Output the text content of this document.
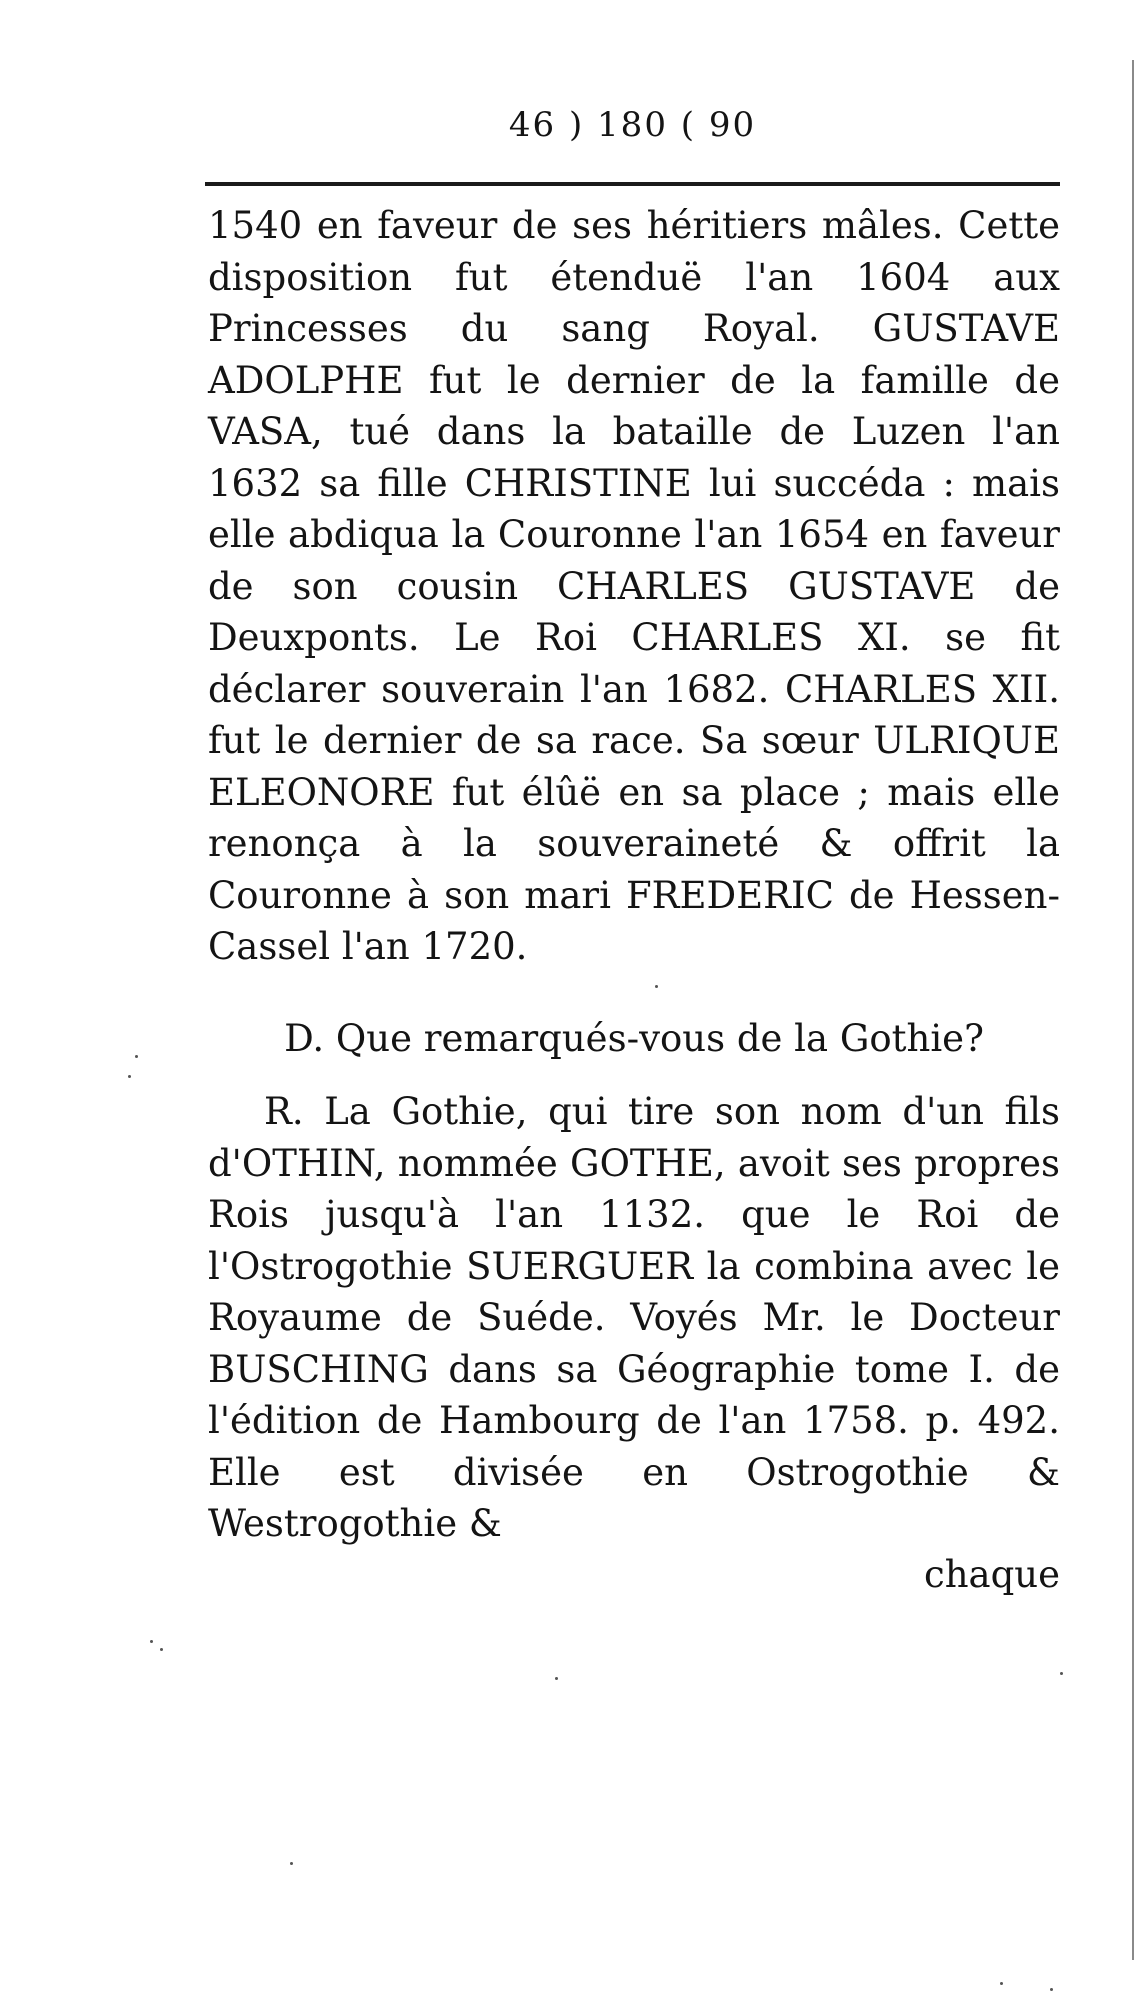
46 ) 180 ( 90

1540 en faveur de ses héritiers mâles. Cette disposition fut étenduë l'an 1604 aux Princesses du sang Royal. GUSTAVE ADOLPHE fut le dernier de la famille de VASA, tué dans la bataille de Luzen l'an 1632 sa fille CHRISTINE lui succéda : mais elle abdiqua la Couronne l'an 1654 en faveur de son cousin CHARLES GUSTAVE de Deuxponts. Le Roi CHARLES XI. se fit déclarer souverain l'an 1682. CHARLES XII. fut le dernier de sa race. Sa sœur ULRIQUE ELEONORE fut élûë en sa place ; mais elle renonça à la souveraineté & offrit la Couronne à son mari FREDERIC de Hessen-Cassel l'an 1720.

D. Que remarqués-vous de la Gothie?

R. La Gothie, qui tire son nom d'un fils d'OTHIN, nommée GOTHE, avoit ses propres Rois jusqu'à l'an 1132. que le Roi de l'Ostrogothie SUERGUER la combina avec le Royaume de Suéde. Voyés Mr. le Docteur BUSCHING dans sa Géographie tome I. de l'édition de Hambourg de l'an 1758. p. 492. Elle est divisée en Ostrogothie & Westrogothie &

chaque
